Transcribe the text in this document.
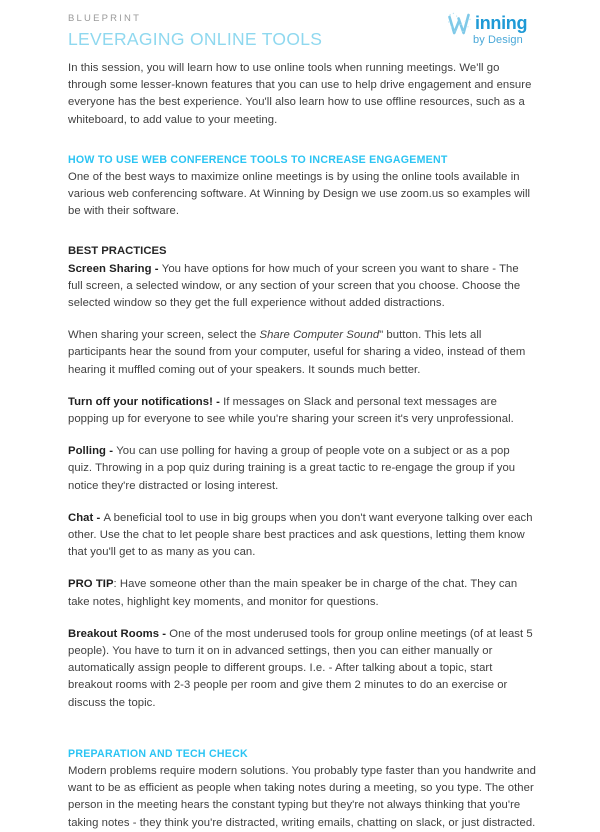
BLUEPRINT
LEVERAGING ONLINE TOOLS
inning
by Design

In this session, you will learn how to use online tools when running meetings. We'll go through some lesser-known features that you can use to help drive engagement and ensure everyone has the best experience. You'll also learn how to use offline resources, such as a whiteboard, to add value to your meeting.

HOW TO USE WEB CONFERENCE TOOLS TO INCREASE ENGAGEMENT

One of the best ways to maximize online meetings is by using the online tools available in various web conferencing software. At Winning by Design we use zoom.us so examples will be with their software.

BEST PRACTICES

Screen Sharing - You have options for how much of your screen you want to share - The full screen, a selected window, or any section of your screen that you choose. Choose the selected window so they get the full experience without added distractions.

When sharing your screen, select the Share Computer Sound" button. This lets all participants hear the sound from your computer, useful for sharing a video, instead of them hearing it muffled coming out of your speakers. It sounds much better.

Turn off your notifications! - If messages on Slack and personal text messages are popping up for everyone to see while you're sharing your screen it's very unprofessional.

Polling - You can use polling for having a group of people vote on a subject or as a pop quiz. Throwing in a pop quiz during training is a great tactic to re-engage the group if you notice they're distracted or losing interest.

Chat - A beneficial tool to use in big groups when you don't want everyone talking over each other. Use the chat to let people share best practices and ask questions, letting them know that you'll get to as many as you can.

PRO TIP: Have someone other than the main speaker be in charge of the chat. They can take notes, highlight key moments, and monitor for questions.

Breakout Rooms - One of the most underused tools for group online meetings (of at least 5 people). You have to turn it on in advanced settings, then you can either manually or automatically assign people to different groups. I.e. - After talking about a topic, start breakout rooms with 2-3 people per room and give them 2 minutes to do an exercise or discuss the topic.

PREPARATION AND TECH CHECK

Modern problems require modern solutions. You probably type faster than you handwrite and want to be as efficient as people when taking notes during a meeting, so you type. The other person in the meeting hears the constant typing but they're not always thinking that you're taking notes - they think you're distracted, writing emails, chatting on slack, or just distracted.
